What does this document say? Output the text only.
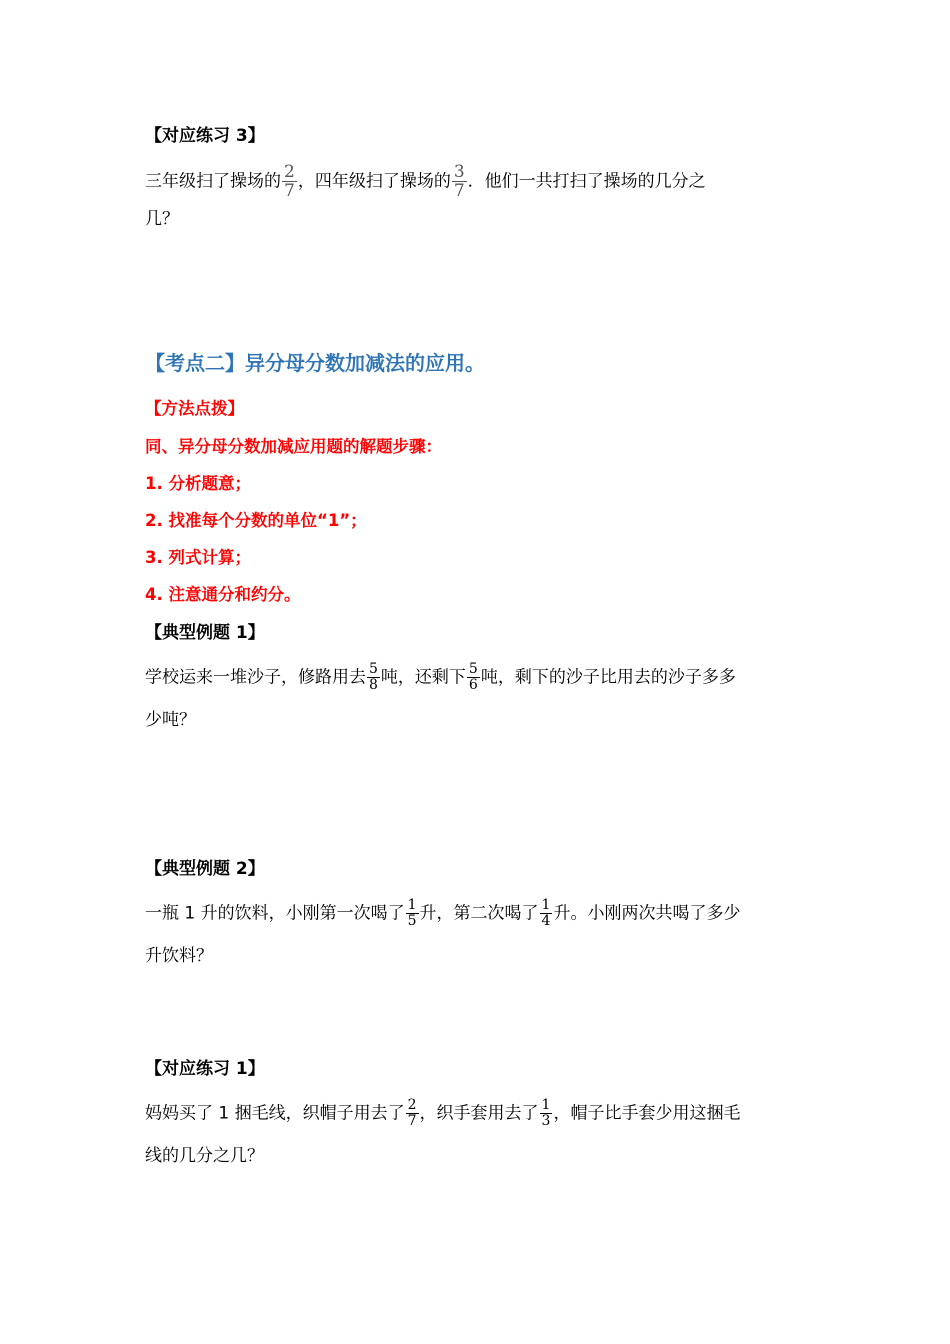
【对应练习 3】
三年级扫了操场的 $\frac{2}{7}$ ，四年级扫了操场的 $\frac{3}{7}$ ．他们一共打扫了操场的几分之
几？
【考点二】异分母分数加减法的应用。
【方法点拨】
同、异分母分数加减应用题的解题步骤：
1. 分析题意；
2. 找准每个分数的单位“1”；
3. 列式计算；
4. 注意通分和约分。
【典型例题 1】
学校运来一堆沙子，修路用去 $\frac{5}{8}$ 吨，还剩下 $\frac{5}{6}$ 吨，剩下的沙子比用去的沙子多多
少吨？
【典型例题 2】
一瓶 1 升的饮料，小刚第一次喝了 $\frac{1}{5}$ 升，第二次喝了 $\frac{1}{4}$ 升。小刚两次共喝了多少
升饮料？
【对应练习 1】
妈妈买了 1 捆毛线，织帽子用去了 $\frac{2}{7}$ ，织手套用去了 $\frac{1}{3}$ ，帽子比手套少用这捆毛
线的几分之几？
